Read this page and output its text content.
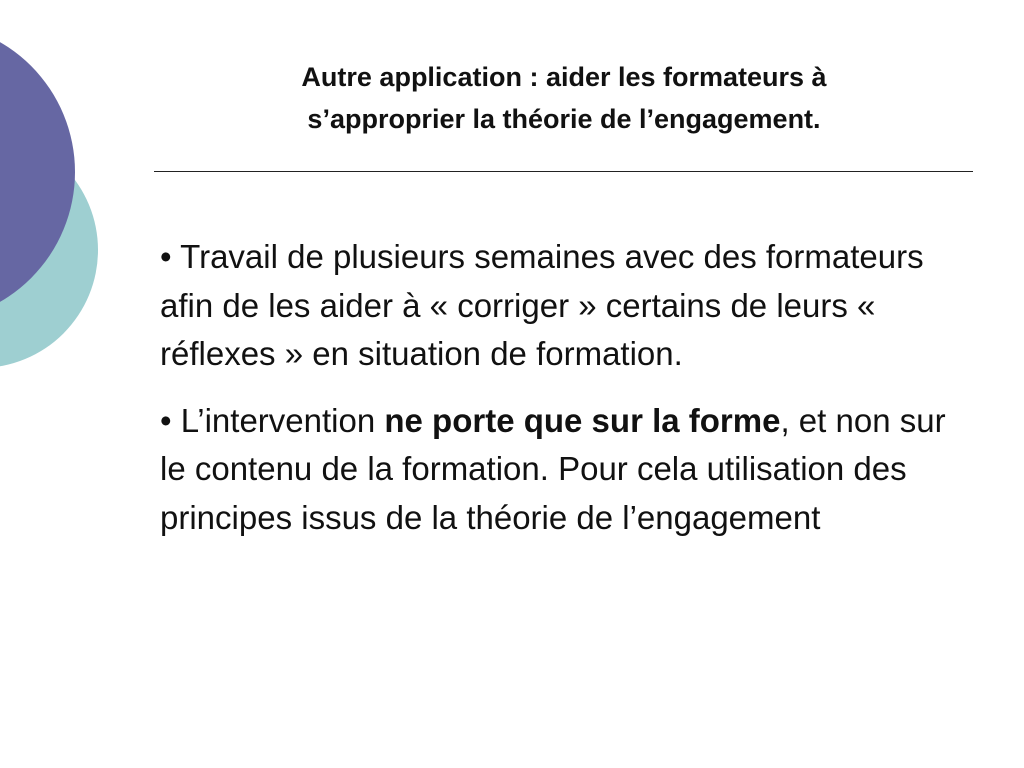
Autre application : aider les formateurs à
s’approprier la théorie de l’engagement.

• Travail de plusieurs semaines avec des formateurs afin de les aider à « corriger » certains de leurs « réflexes » en situation de formation.

• L’intervention ne porte que sur la forme, et non sur le contenu de la formation. Pour cela utilisation des principes issus de la théorie de l’engagement
